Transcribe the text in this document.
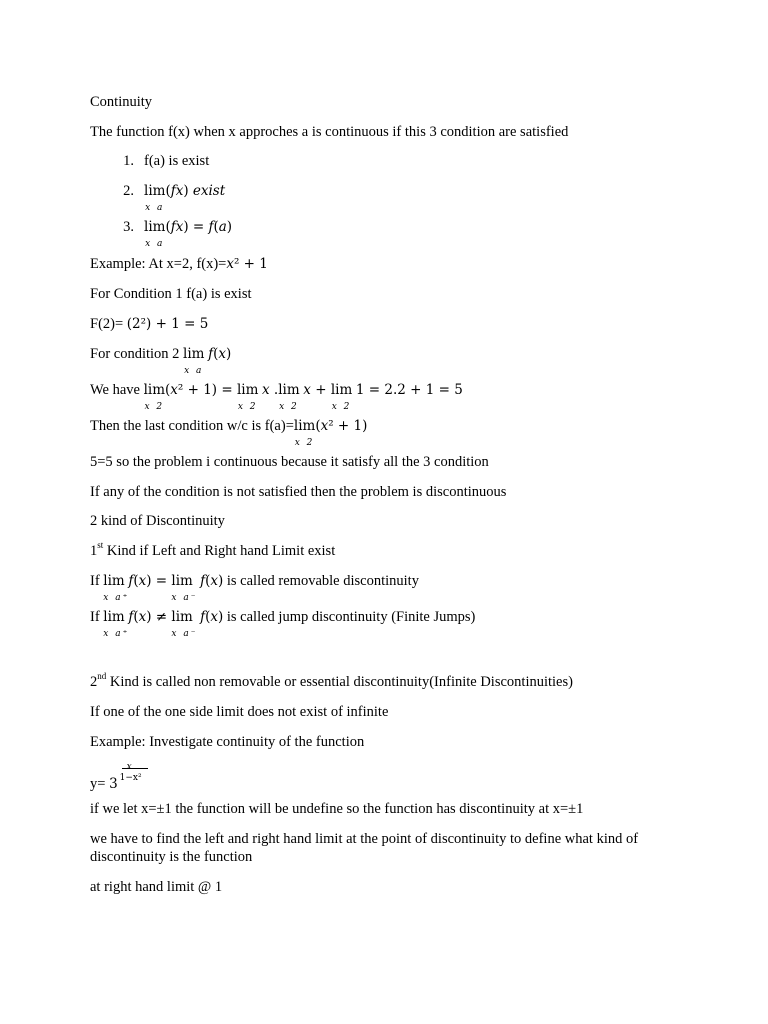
Continuity
The function f(x) when x approches a is continuous if this 3 condition are satisfied
1. f(a) is exist
2. lim
x a
(𝑓𝑥) 𝑒𝑥𝑖𝑠𝑡
3. lim
x a
(𝑓𝑥) = 𝑓(𝑎)
Example: At x=2, f(x)=𝑥² + 1
For Condition 1 f(a) is exist
F(2)= (2²) + 1 = 5
For condition 2 lim
x a
𝑓(𝑥)
We have lim
x 2
(𝑥² + 1) = lim
x 2
𝑥 .lim
x 2
𝑥 + lim
x 2
1 = 2.2 + 1 = 5
Then the last condition w/c is f(a)=lim
x 2
(𝑥² + 1)
5=5 so the problem i continuous because it satisfy all the 3 condition
If any of the condition is not satisfied then the problem is discontinuous
2 kind of Discontinuity
1st Kind if Left and Right hand Limit exist
If lim
x a⁺
𝑓(𝑥) = lim
x a⁻
𝑓(𝑥) is called removable discontinuity
If lim
x a⁺
𝑓(𝑥) ≠ lim
x a⁻
𝑓(𝑥) is called jump discontinuity (Finite Jumps)
2nd Kind is called non removable or essential discontinuity(Infinite Discontinuities)
If one of the one side limit does not exist of infinite
Example: Investigate continuity of the function
y= 3
x
1−x²
if we let x=±1 the function will be undefine so the function has discontinuity at x=±1
we have to find the left and right hand limit at the point of discontinuity to define what kind of discontinuity is the function
at right hand limit @ 1
